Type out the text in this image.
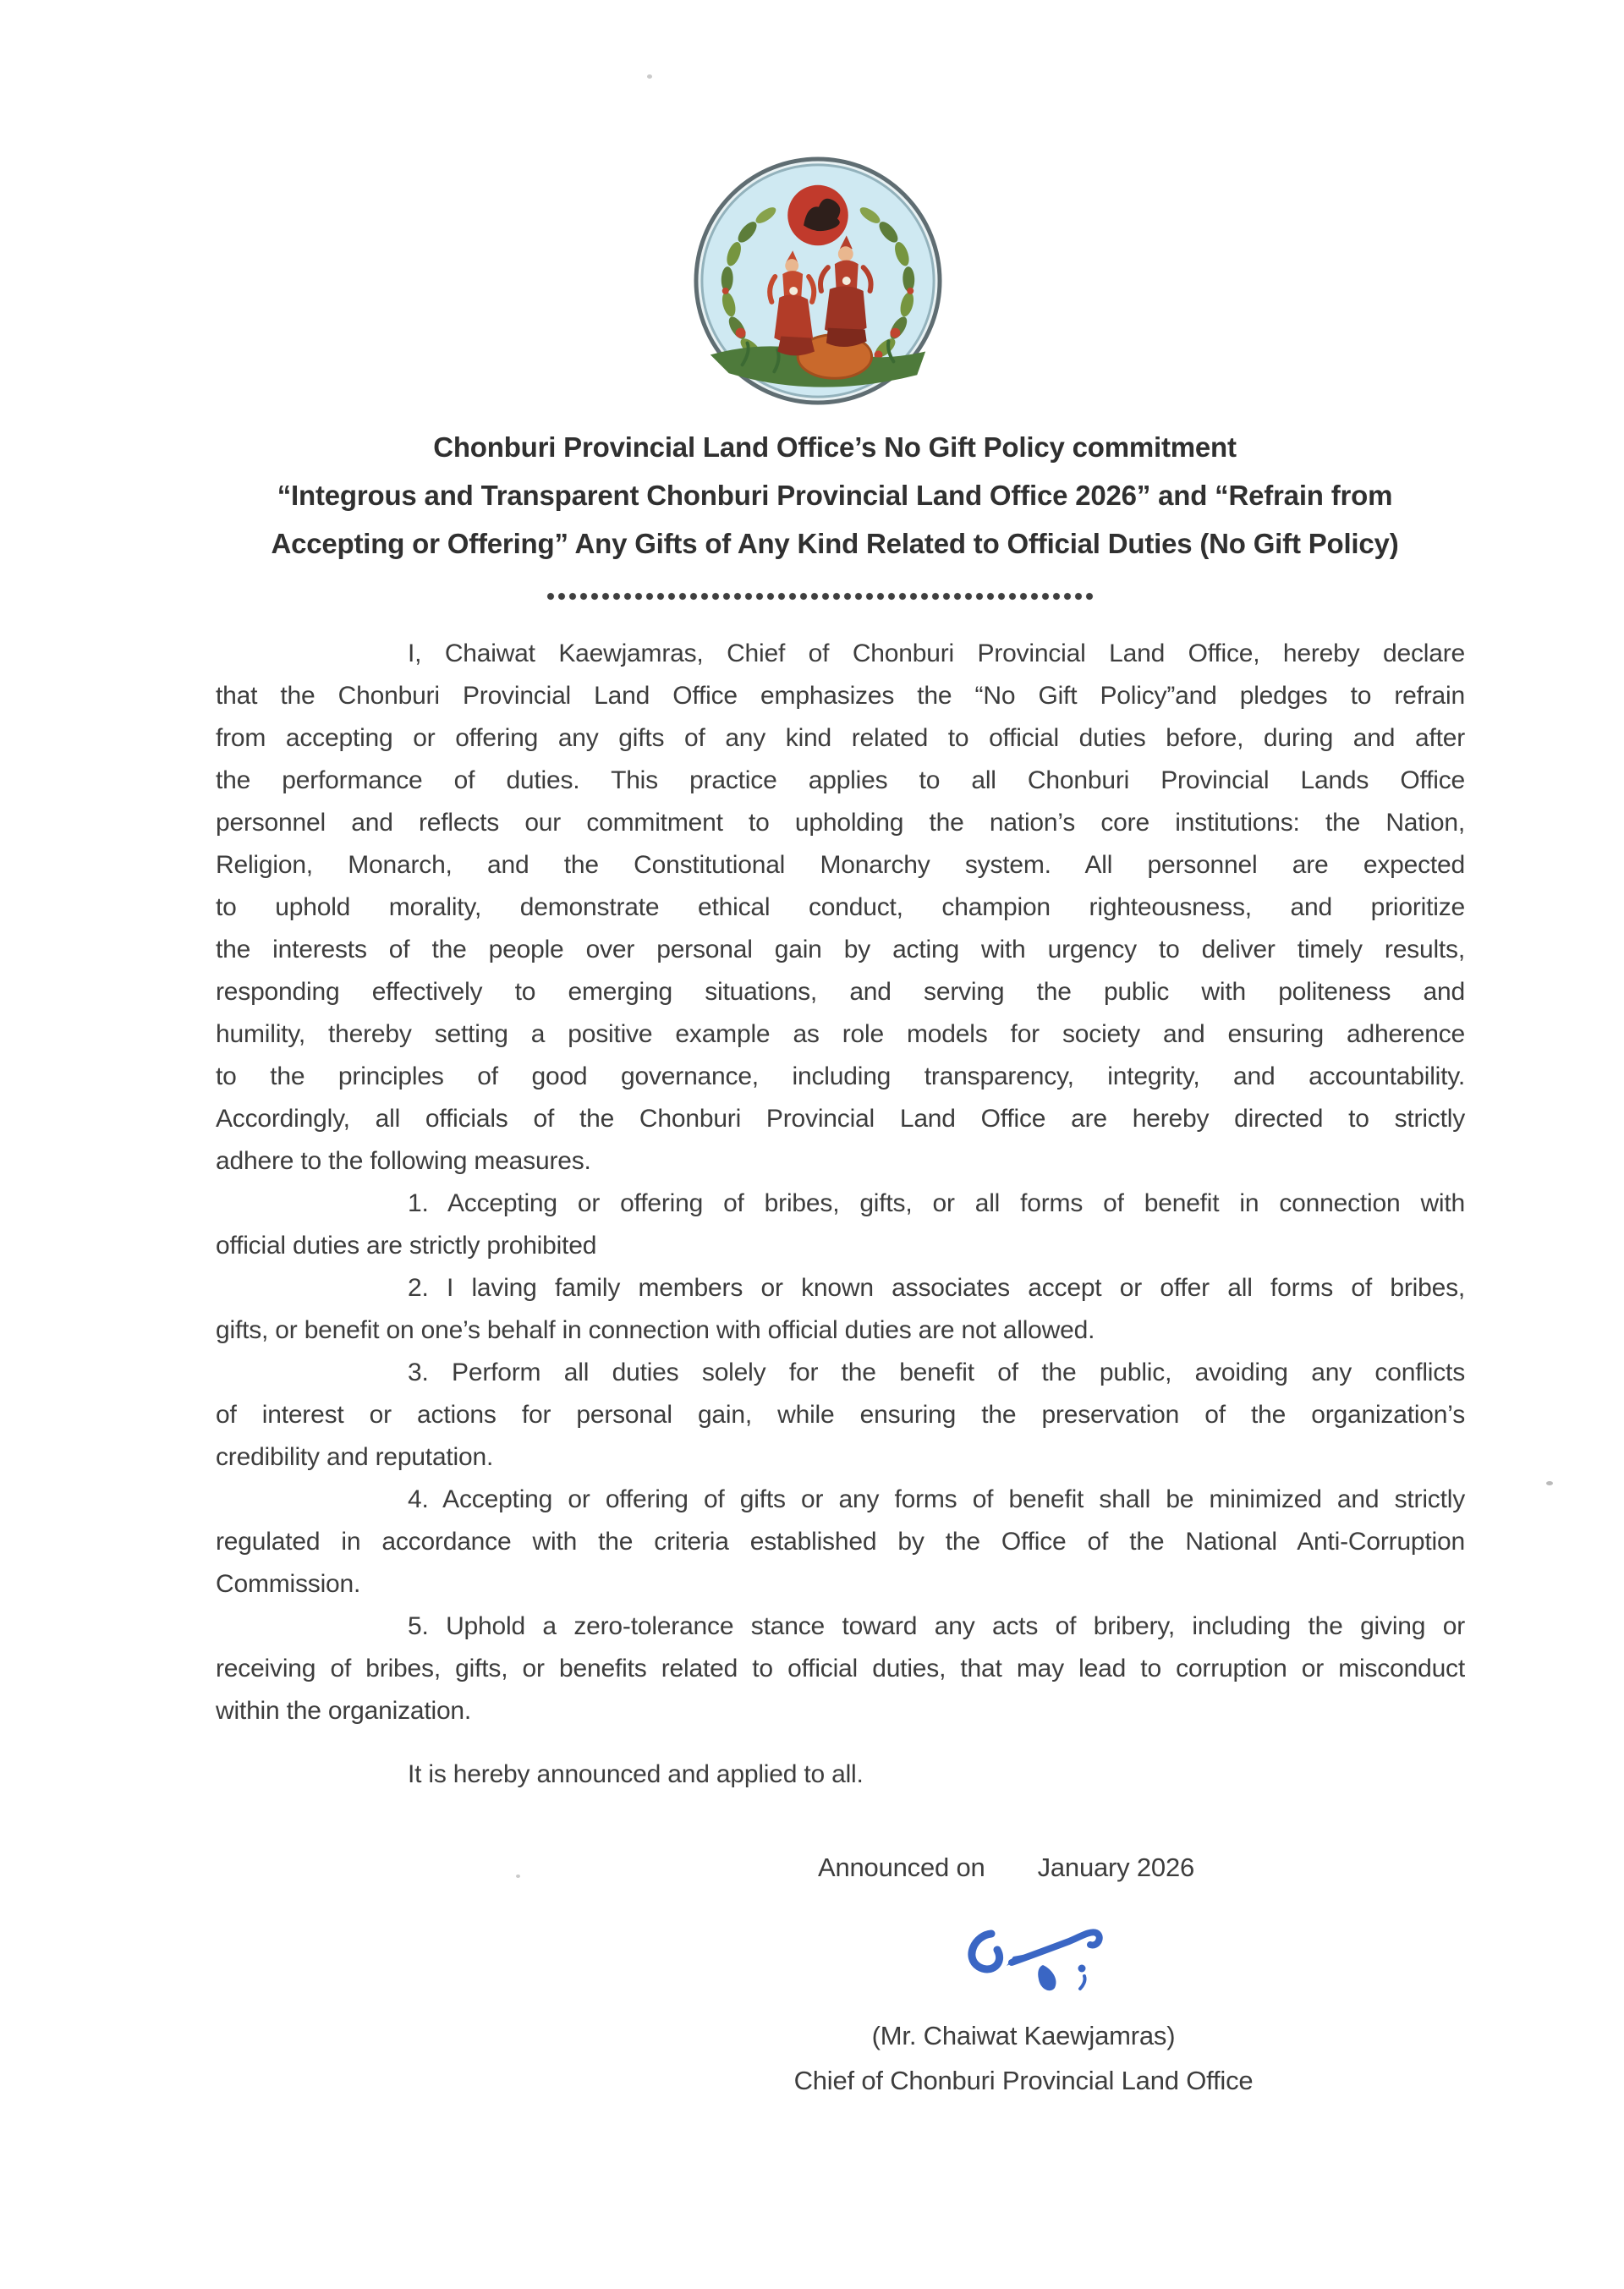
Chonburi Provincial Land Office’s No Gift Policy commitment
“Integrous and Transparent Chonburi Provincial Land Office 2026” and “Refrain from
Accepting or Offering” Any Gifts of Any Kind Related to Official Duties (No Gift Policy)
I, Chaiwat Kaewjamras, Chief of Chonburi Provincial Land Office, hereby declare
that the Chonburi Provincial Land Office emphasizes the “No Gift Policy”and pledges to refrain
from accepting or offering any gifts of any kind related to official duties before, during and after
the performance of duties. This practice applies to all Chonburi Provincial Lands Office
personnel and reflects our commitment to upholding the nation’s core institutions: the Nation,
Religion, Monarch, and the Constitutional Monarchy system. All personnel are expected
to uphold morality, demonstrate ethical conduct, champion righteousness, and prioritize
the interests of the people over personal gain by acting with urgency to deliver timely results,
responding effectively to emerging situations, and serving the public with politeness and
humility, thereby setting a positive example as role models for society and ensuring adherence
to the principles of good governance, including transparency, integrity, and accountability.
Accordingly, all officials of the Chonburi Provincial Land Office are hereby directed to strictly
adhere to the following measures.
1. Accepting or offering of bribes, gifts, or all forms of benefit in connection with
official duties are strictly prohibited
2. I laving family members or known associates accept or offer all forms of bribes,
gifts, or benefit on one’s behalf in connection with official duties are not allowed.
3. Perform all duties solely for the benefit of the public, avoiding any conflicts
of interest or actions for personal gain, while ensuring the preservation of the organization’s
credibility and reputation.
4. Accepting or offering of gifts or any forms of benefit shall be minimized and strictly
regulated in accordance with the criteria established by the Office of the National Anti-Corruption
Commission.
5. Uphold a zero-tolerance stance toward any acts of bribery, including the giving or
receiving of bribes, gifts, or benefits related to official duties, that may lead to corruption or misconduct
within the organization.
It is hereby announced and applied to all.
Announced on January 2026
(Mr. Chaiwat Kaewjamras)
Chief of Chonburi Provincial Land Office
